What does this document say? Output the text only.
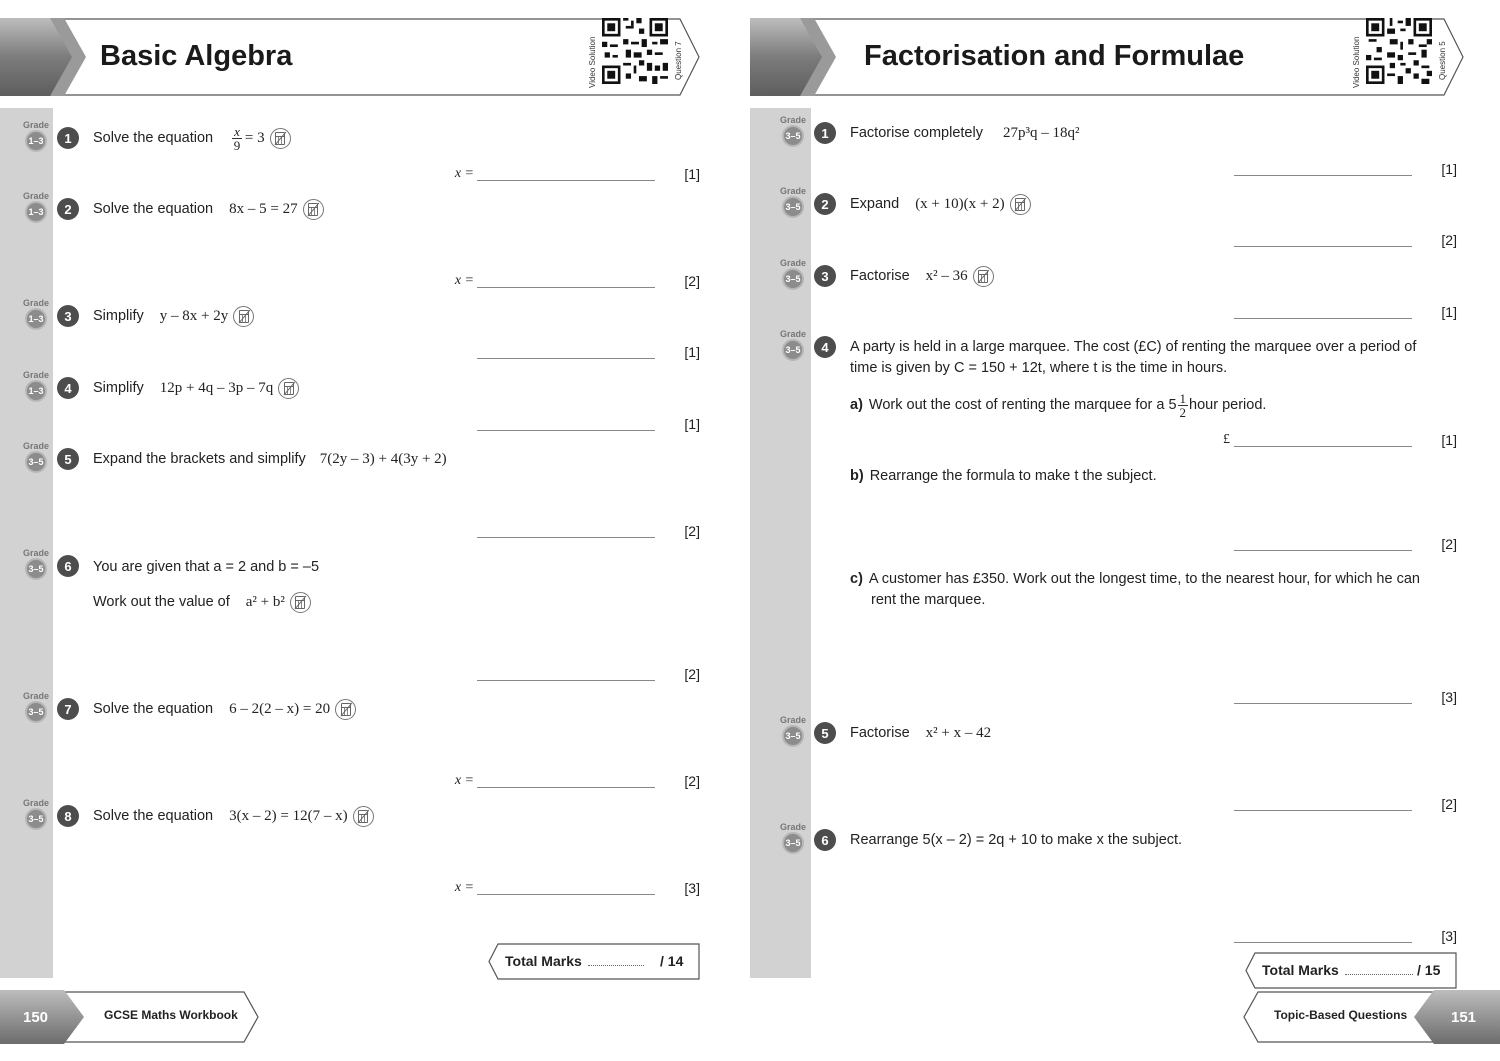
Basic Algebra	Video Solution	Question 7
Grade
1–3	1	Solve the equation $\frac{x}{9} = 3$
x =	[1]
Grade
1–3	2	Solve the equation 8x – 5 = 27
x =	[2]
Grade
1–3	3	Simplify y – 8x + 2y
[1]
Grade
1–3	4	Simplify 12p + 4q – 3p – 7q
[1]
Grade
3–5	5	Expand the brackets and simplify 7(2y – 3) + 4(3y + 2)
[2]
Grade
3–5	6	You are given that a = 2 and b = –5
Work out the value of a² + b²
[2]
Grade
3–5	7	Solve the equation 6 – 2(2 – x) = 20
x =	[2]
Grade
3–5	8	Solve the equation 3(x – 2) = 12(7 – x)
x =	[3]
Total Marks	/ 14
150	GCSE Maths Workbook
Factorisation and Formulae	Video Solution	Question 5
Grade
3–5	1	Factorise completely 27p³q – 18q²
[1]
Grade
3–5	2	Expand (x + 10)(x + 2)
[2]
Grade
3–5	3	Factorise x² – 36
[1]
Grade
3–5	4	A party is held in a large marquee. The cost (£C) of renting the marquee over a period of
time is given by C = 150 + 12t, where t is the time in hours.
a) Work out the cost of renting the marquee for a $5 \frac{1}{2}$ hour period.
£	[1]
b) Rearrange the formula to make t the subject.
[2]
c) A customer has £350. Work out the longest time, to the nearest hour, for which he can
rent the marquee.
[3]
Grade
3–5	5	Factorise x² + x – 42
[2]
Grade
3–5	6	Rearrange 5(x – 2) = 2q + 10 to make x the subject.
[3]
Total Marks	/ 15
Topic-Based Questions	151
